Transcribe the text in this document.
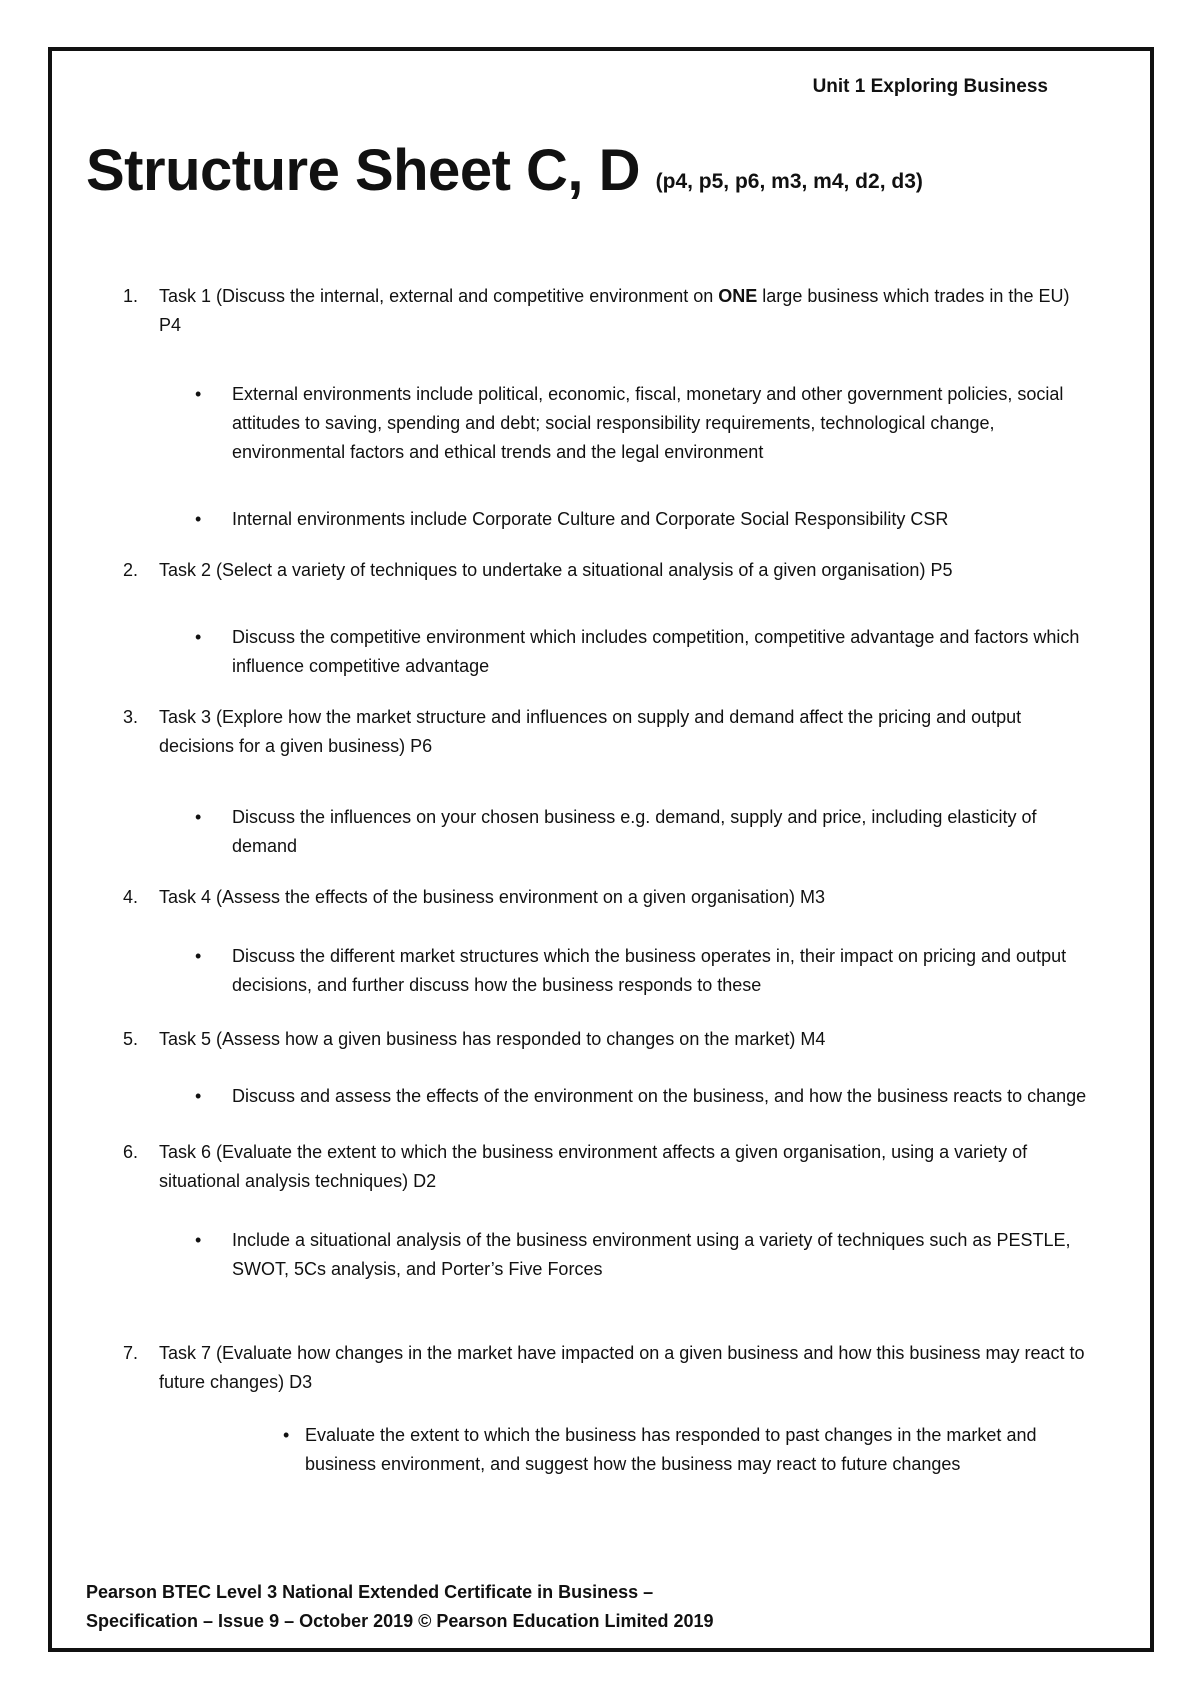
Unit 1 Exploring Business
Structure Sheet C, D (p4, p5, p6, m3, m4, d2, d3)
1. Task 1 (Discuss the internal, external and competitive environment on ONE large business which trades in the EU) P4
• External environments include political, economic, fiscal, monetary and other government policies, social attitudes to saving, spending and debt; social responsibility requirements, technological change, environmental factors and ethical trends and the legal environment
• Internal environments include Corporate Culture and Corporate Social Responsibility CSR
2. Task 2 (Select a variety of techniques to undertake a situational analysis of a given organisation) P5
• Discuss the competitive environment which includes competition, competitive advantage and factors which influence competitive advantage
3. Task 3 (Explore how the market structure and influences on supply and demand affect the pricing and output decisions for a given business) P6
• Discuss the influences on your chosen business e.g. demand, supply and price, including elasticity of demand
4. Task 4 (Assess the effects of the business environment on a given organisation) M3
• Discuss the different market structures which the business operates in, their impact on pricing and output decisions, and further discuss how the business responds to these
5. Task 5 (Assess how a given business has responded to changes on the market) M4
• Discuss and assess the effects of the environment on the business, and how the business reacts to change
6. Task 6 (Evaluate the extent to which the business environment affects a given organisation, using a variety of situational analysis techniques) D2
• Include a situational analysis of the business environment using a variety of techniques such as PESTLE, SWOT, 5Cs analysis, and Porter’s Five Forces
7. Task 7 (Evaluate how changes in the market have impacted on a given business and how this business may react to future changes) D3
• Evaluate the extent to which the business has responded to past changes in the market and business environment, and suggest how the business may react to future changes
Pearson BTEC Level 3 National Extended Certificate in Business –
Specification – Issue 9 – October 2019 © Pearson Education Limited 2019
